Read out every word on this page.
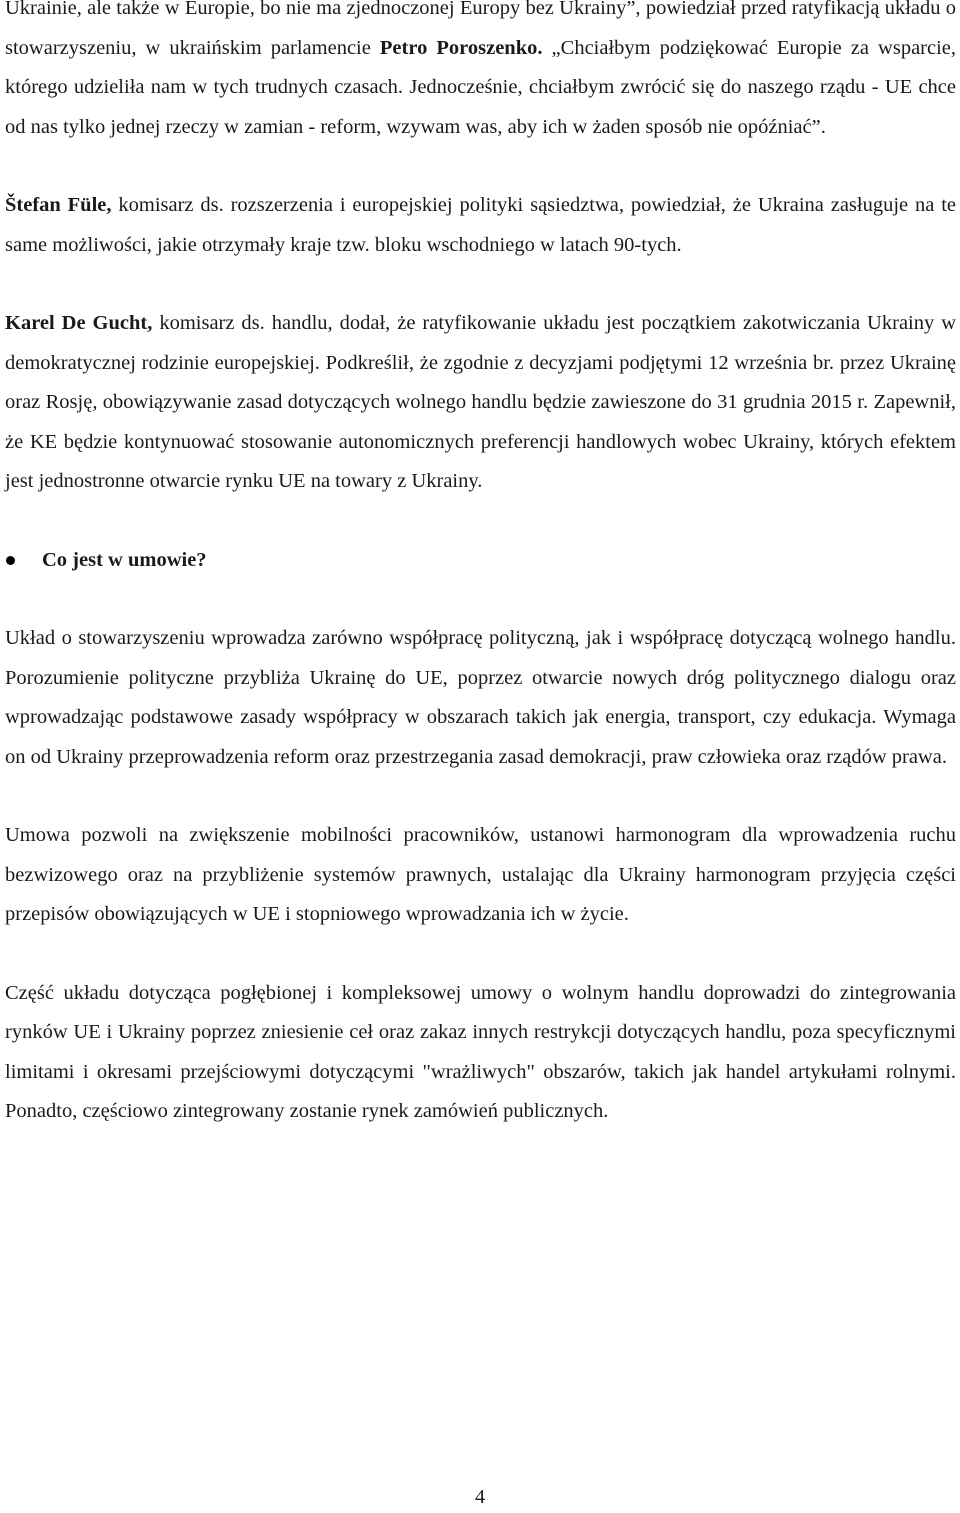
Ukrainie, ale także w Europie, bo nie ma zjednoczonej Europy bez Ukrainy”, powiedział przed ratyfikacją układu o stowarzyszeniu, w ukraińskim parlamencie Petro Poroszenko. „Chciałbym podziękować Europie za wsparcie, którego udzieliła nam w tych trudnych czasach. Jednocześnie, chciałbym zwrócić się do naszego rządu - UE chce od nas tylko jednej rzeczy w zamian - reform, wzywam was, aby ich w żaden sposób nie opóźniać”.

Štefan Füle, komisarz ds. rozszerzenia i europejskiej polityki sąsiedztwa, powiedział, że Ukraina zasługuje na te same możliwości, jakie otrzymały kraje tzw. bloku wschodniego w latach 90-tych.

Karel De Gucht, komisarz ds. handlu, dodał, że ratyfikowanie układu jest początkiem zakotwiczania Ukrainy w demokratycznej rodzinie europejskiej. Podkreślił, że zgodnie z decyzjami podjętymi 12 września br. przez Ukrainę oraz Rosję, obowiązywanie zasad dotyczących wolnego handlu będzie zawieszone do 31 grudnia 2015 r. Zapewnił, że KE będzie kontynuować stosowanie autonomicznych preferencji handlowych wobec Ukrainy, których efektem jest jednostronne otwarcie rynku UE na towary z Ukrainy.

Co jest w umowie?

Układ o stowarzyszeniu wprowadza zarówno współpracę polityczną, jak i współpracę dotyczącą wolnego handlu. Porozumienie polityczne przybliża Ukrainę do UE, poprzez otwarcie nowych dróg politycznego dialogu oraz wprowadzając podstawowe zasady współpracy w obszarach takich jak energia, transport, czy edukacja. Wymaga on od Ukrainy przeprowadzenia reform oraz przestrzegania zasad demokracji, praw człowieka oraz rządów prawa.

Umowa pozwoli na zwiększenie mobilności pracowników, ustanowi harmonogram dla wprowadzenia ruchu bezwizowego oraz na przybliżenie systemów prawnych, ustalając dla Ukrainy harmonogram przyjęcia części przepisów obowiązujących w UE i stopniowego wprowadzania ich w życie.

Część układu dotycząca pogłębionej i kompleksowej umowy o wolnym handlu doprowadzi do zintegrowania rynków UE i Ukrainy poprzez zniesienie ceł oraz zakaz innych restrykcji dotyczących handlu, poza specyficznymi limitami i okresami przejściowymi dotyczącymi "wrażliwych" obszarów, takich jak handel artykułami rolnymi. Ponadto, częściowo zintegrowany zostanie rynek zamówień publicznych.

4
